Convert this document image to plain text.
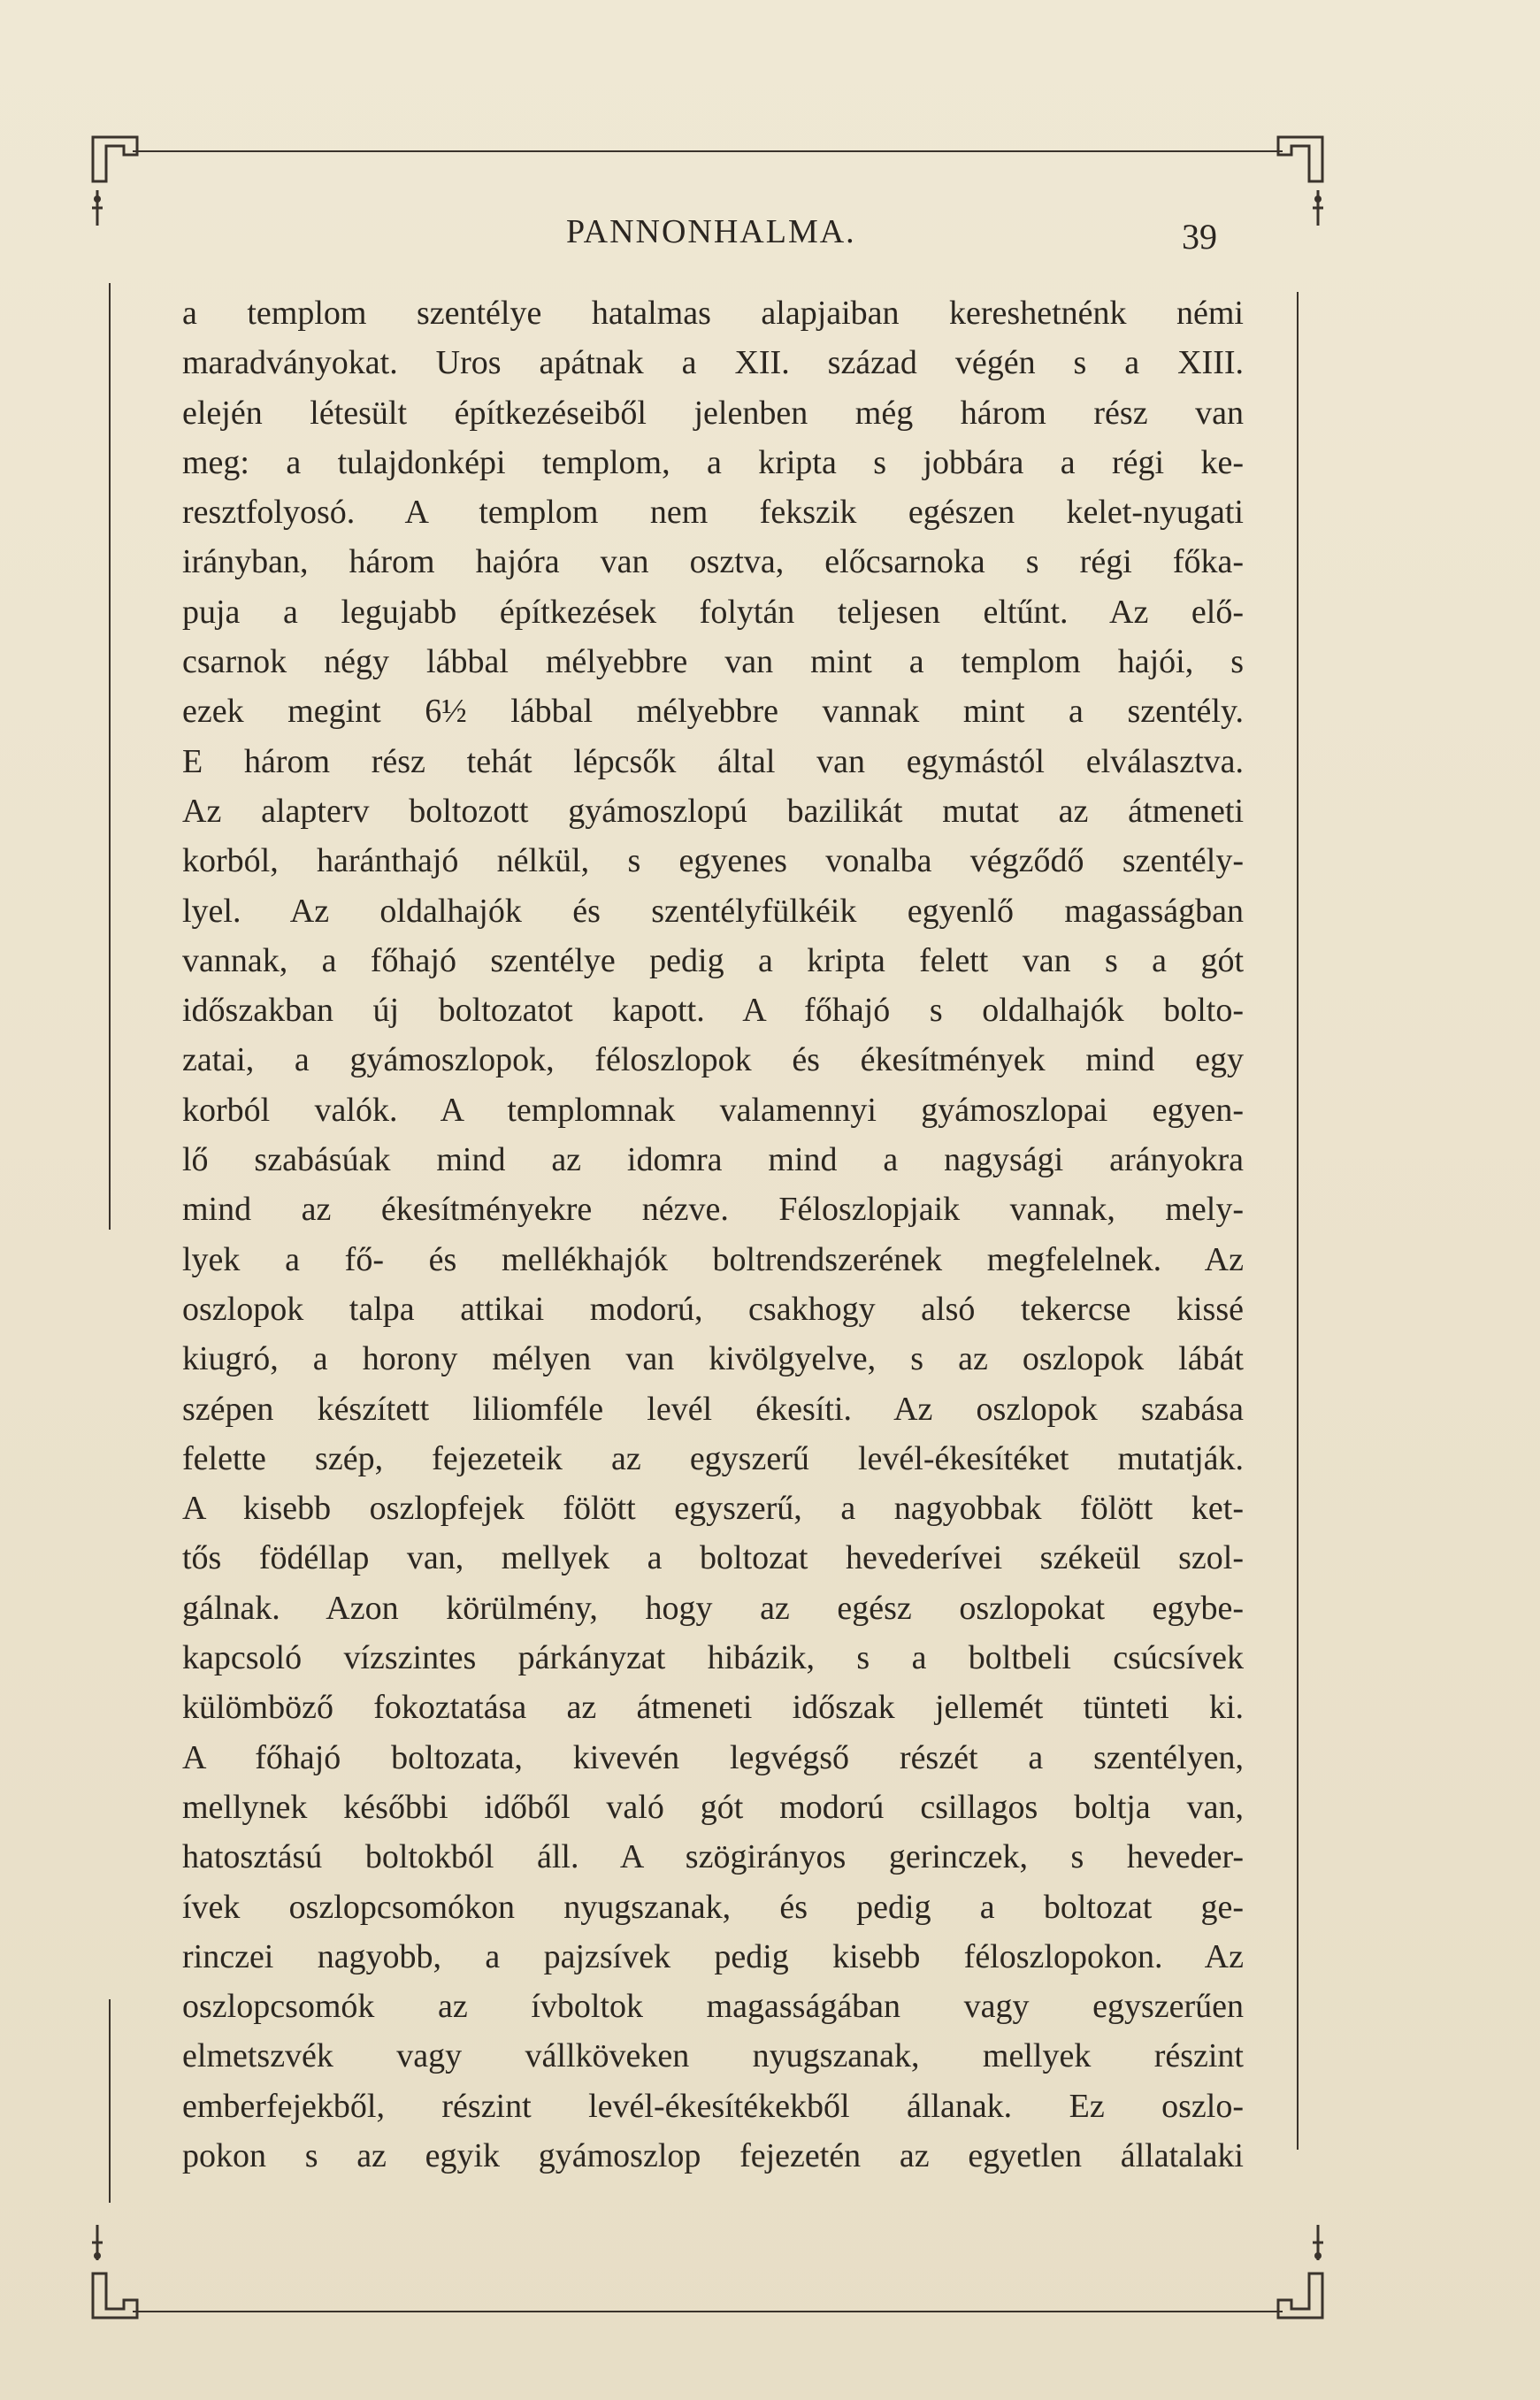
PANNONHALMA.	39
a templom szentélye hatalmas alapjaiban kereshetnénk némi
maradványokat. Uros apátnak a XII. század végén s a XIII.
elején létesült építkezéseiből jelenben még három rész van
meg: a tulajdonképi templom, a kripta s jobbára a régi ke-
resztfolyosó. A templom nem fekszik egészen kelet-nyugati
irányban, három hajóra van osztva, előcsarnoka s régi főka-
puja a legujabb építkezések folytán teljesen eltűnt. Az elő-
csarnok négy lábbal mélyebbre van mint a templom hajói, s
ezek megint 6½ lábbal mélyebbre vannak mint a szentély.
E három rész tehát lépcsők által van egymástól elválasztva.
Az alapterv boltozott gyámoszlopú bazilikát mutat az átmeneti
korból, haránthajó nélkül, s egyenes vonalba végződő szentély-
lyel. Az oldalhajók és szentélyfülkéik egyenlő magasságban
vannak, a főhajó szentélye pedig a kripta felett van s a gót
időszakban új boltozatot kapott. A főhajó s oldalhajók bolto-
zatai, a gyámoszlopok, féloszlopok és ékesítmények mind egy
korból valók. A templomnak valamennyi gyámoszlopai egyen-
lő szabásúak mind az idomra mind a nagysági arányokra
mind az ékesítményekre nézve. Féloszlopjaik vannak, mely-
lyek a fő- és mellékhajók boltrendszerének megfelelnek. Az
oszlopok talpa attikai modorú, csakhogy alsó tekercse kissé
kiugró, a horony mélyen van kivölgyelve, s az oszlopok lábát
szépen készített liliomféle levél ékesíti. Az oszlopok szabása
felette szép, fejezeteik az egyszerű levél-ékesítéket mutatják.
A kisebb oszlopfejek fölött egyszerű, a nagyobbak fölött ket-
tős födéllap van, mellyek a boltozat hevederívei székeül szol-
gálnak. Azon körülmény, hogy az egész oszlopokat egybe-
kapcsoló vízszintes párkányzat hibázik, s a boltbeli csúcsívek
külömböző fokoztatása az átmeneti időszak jellemét tünteti ki.
A főhajó boltozata, kivevén legvégső részét a szentélyen,
mellynek későbbi időből való gót modorú csillagos boltja van,
hatosztású boltokból áll. A szögirányos gerinczek, s heveder-
ívek oszlopcsomókon nyugszanak, és pedig a boltozat ge-
rinczei nagyobb, a pajzsívek pedig kisebb féloszlopokon. Az
oszlopcsomók az ívboltok magasságában vagy egyszerűen
elmetszvék vagy vállköveken nyugszanak, mellyek részint
emberfejekből, részint levél-ékesítékekből állanak. Ez oszlo-
pokon s az egyik gyámoszlop fejezetén az egyetlen állatalaki
